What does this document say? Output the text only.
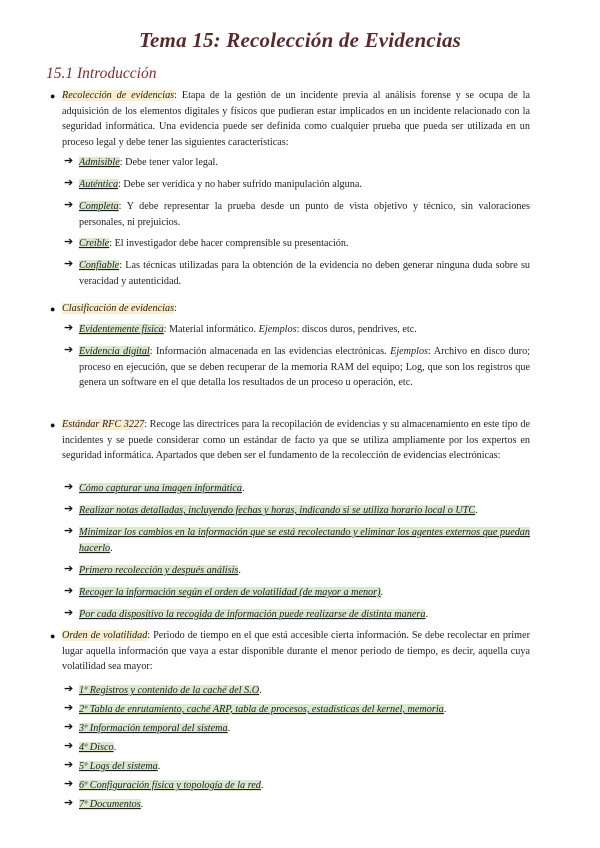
Tema 15: Recolección de Evidencias
15.1 Introducción
● Recolección de evidencias: Etapa de la gestión de un incidente previa al análisis forense y se ocupa de la adquisición de los elementos digitales y físicos que pudieran estar implicados en un incidente relacionado con la seguridad informática. Una evidencia puede ser definida como cualquier prueba que pueda ser utilizada en un proceso legal y debe tener las siguientes características:
➔ Admisible: Debe tener valor legal.
➔ Auténtica: Debe ser verídica y no haber sufrido manipulación alguna.
➔ Completa: Y debe representar la prueba desde un punto de vista objetivo y técnico, sin valoraciones personales, ni prejuicios.
➔ Creíble: El investigador debe hacer comprensible su presentación.
➔ Confiable: Las técnicas utilizadas para la obtención de la evidencia no deben generar ninguna duda sobre su veracidad y autenticidad.
● Clasificación de evidencias:
➔ Evidentemente física: Material informático. Ejemplos: discos duros, pendrives, etc.
➔ Evidencia digital: Información almacenada en las evidencias electrónicas. Ejemplos: Archivo en disco duro; proceso en ejecución, que se deben recuperar de la memoria RAM del equipo; Log, que son los registros que genera un software en el que detalla los resultados de un proceso u operación, etc.
● Estándar RFC 3227: Recoge las directrices para la recopilación de evidencias y su almacenamiento en este tipo de incidentes y se puede considerar como un estándar de facto ya que se utiliza ampliamente por los expertos en seguridad informática. Apartados que deben ser el fundamento de la recolección de evidencias electrónicas:
➔ Cómo capturar una imagen informática.
➔ Realizar notas detalladas, incluyendo fechas y horas, indicando si se utiliza horario local o UTC.
➔ Minimizar los cambios en la información que se está recolectando y eliminar los agentes externos que puedan hacerlo.
➔ Primero recolección y después análisis.
➔ Recoger la información según el orden de volatilidad (de mayor a menor).
➔ Por cada dispositivo la recogida de información puede realizarse de distinta manera.
● Orden de volatilidad: Periodo de tiempo en el que está accesible cierta información. Se debe recolectar en primer lugar aquella información que vaya a estar disponible durante el menor periodo de tiempo, es decir, aquella cuya volatilidad sea mayor:
➔ 1º Registros y contenido de la caché del S.O.
➔ 2º Tabla de enrutamiento, caché ARP, tabla de procesos, estadísticas del kernel, memoria.
➔ 3º Información temporal del sistema.
➔ 4º Disco.
➔ 5º Logs del sistema.
➔ 6º Configuración física y topología de la red.
➔ 7º Documentos.
